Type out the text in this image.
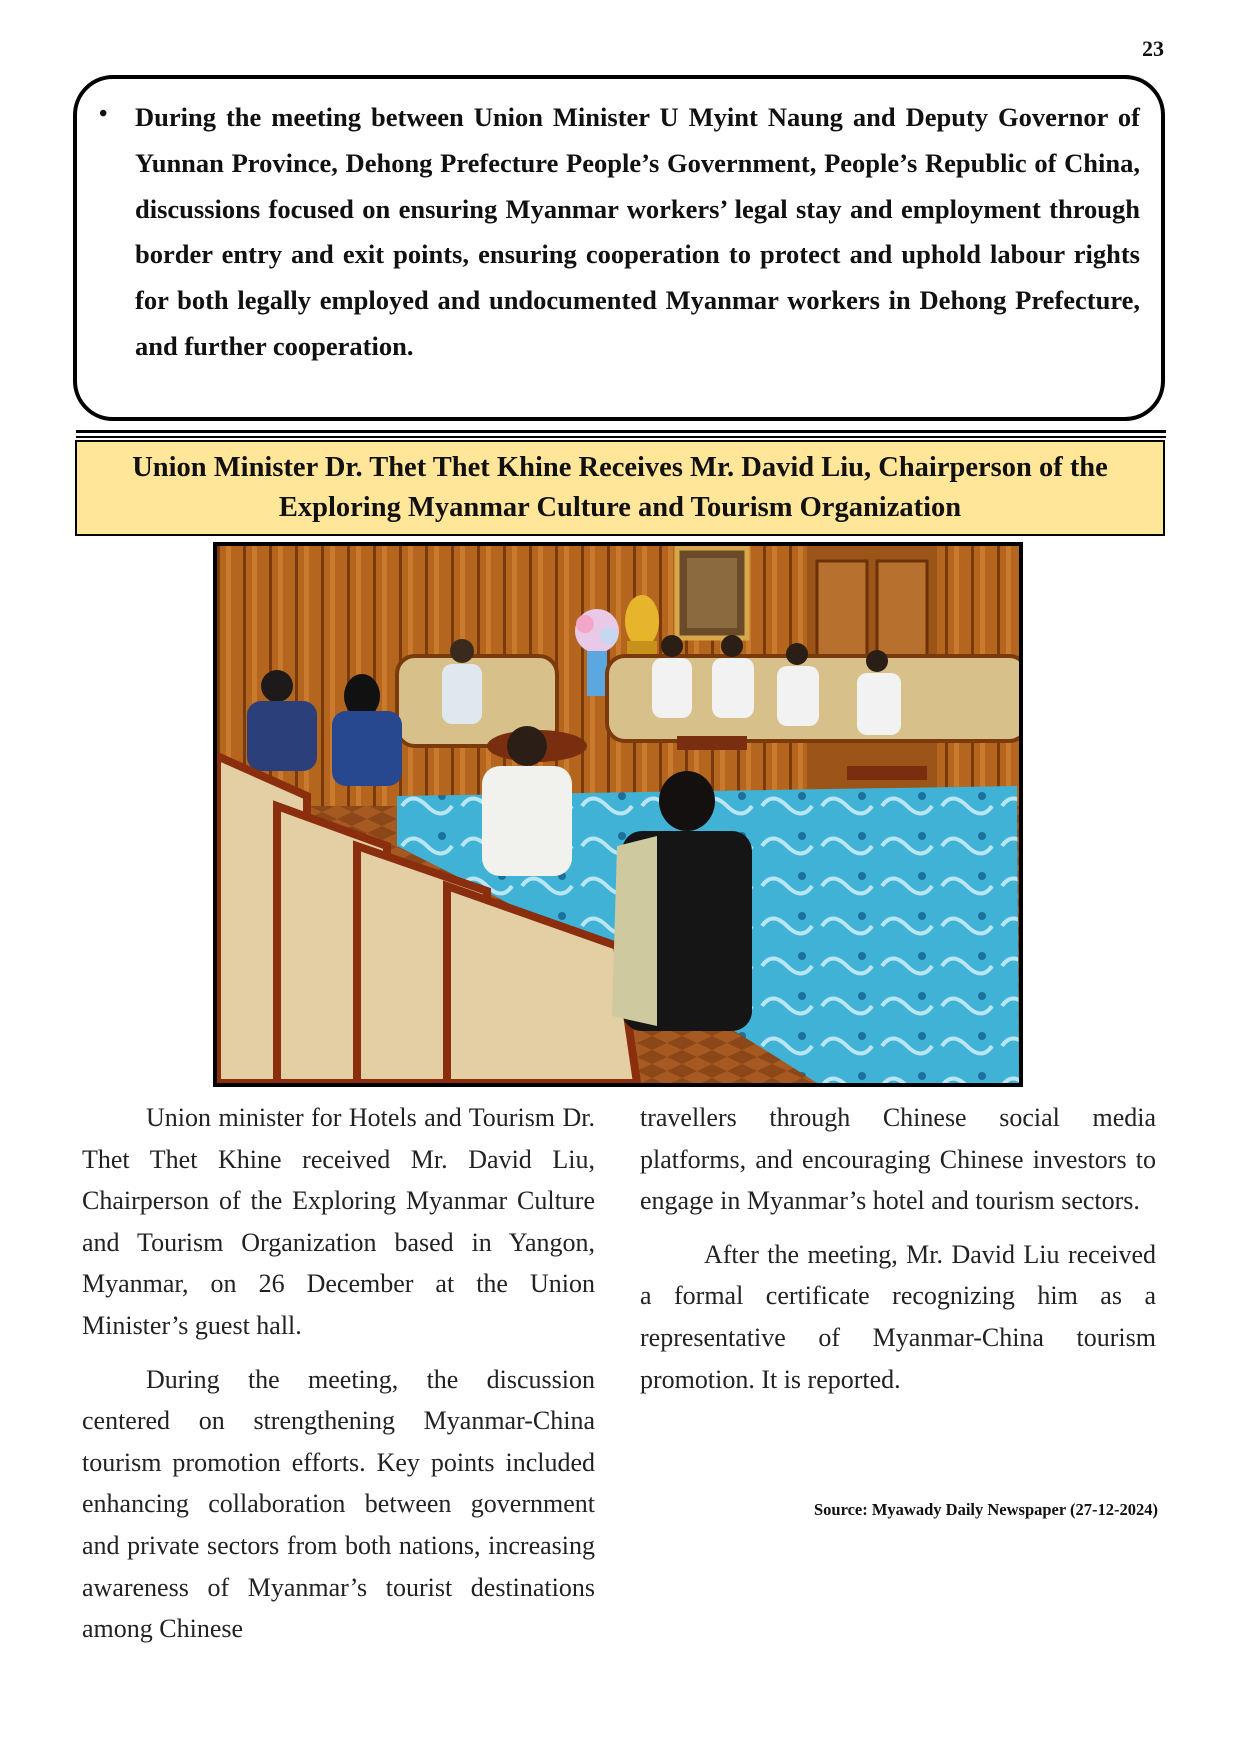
23
• During the meeting between Union Minister U Myint Naung and Deputy Governor of Yunnan Province, Dehong Prefecture People’s Government, People’s Republic of China, discussions focused on ensuring Myanmar workers’ legal stay and employment through border entry and exit points, ensuring cooperation to protect and uphold labour rights for both legally employed and undocumented Myanmar workers in Dehong Prefecture, and further cooperation.

Union Minister Dr. Thet Thet Khine Receives Mr. David Liu, Chairperson of the
Exploring Myanmar Culture and Tourism Organization

Union minister for Hotels and Tourism Dr. Thet Thet Khine received Mr. David Liu, Chairperson of the Exploring Myanmar Culture and Tourism Organization based in Yangon, Myanmar, on 26 December at the Union Minister’s guest hall.

During the meeting, the discussion centered on strengthening Myanmar-China tourism promotion efforts. Key points included enhancing collaboration between government and private sectors from both nations, increasing awareness of Myanmar’s tourist destinations among Chinese

travellers through Chinese social media platforms, and encouraging Chinese investors to engage in Myanmar’s hotel and tourism sectors.

After the meeting, Mr. David Liu received a formal certificate recognizing him as a representative of Myanmar-China tourism promotion. It is reported.

Source: Myawady Daily Newspaper (27-12-2024)
